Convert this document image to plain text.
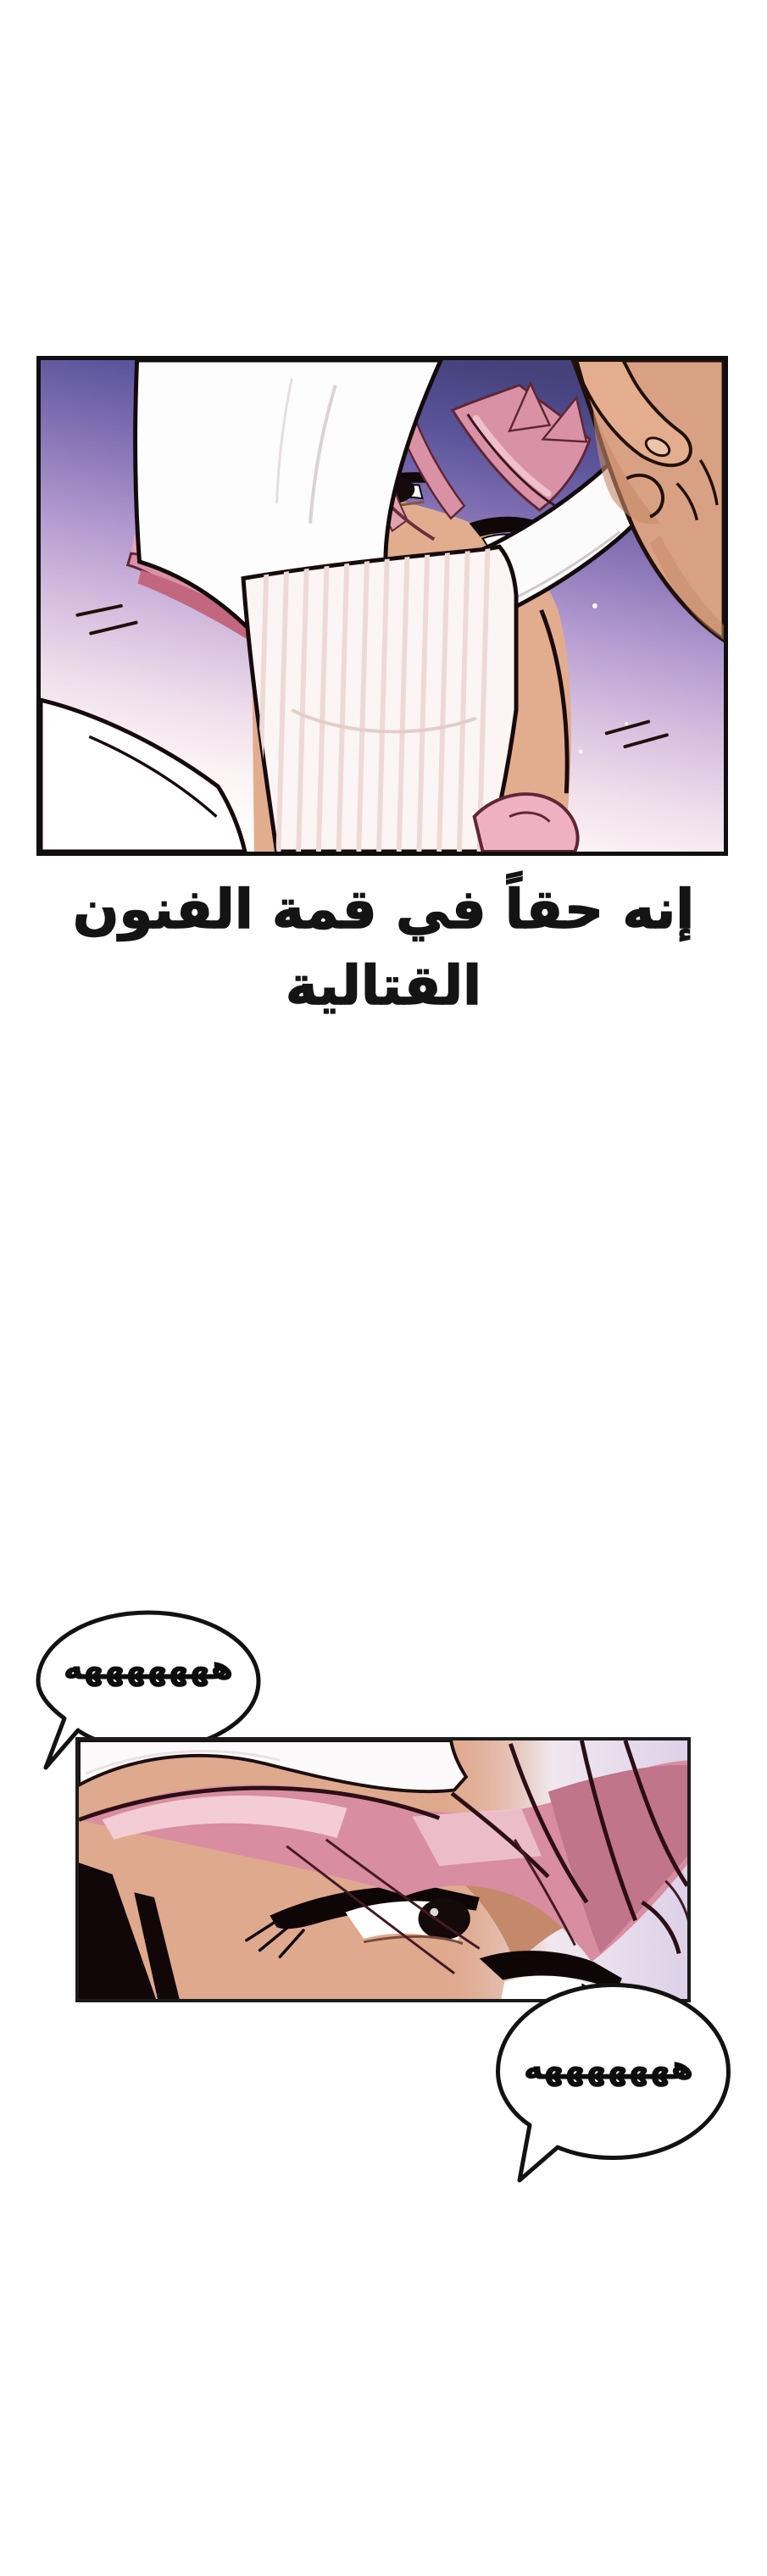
إنه حقاً في قمة الفنون القتالية

هههههههه
هههههههه
